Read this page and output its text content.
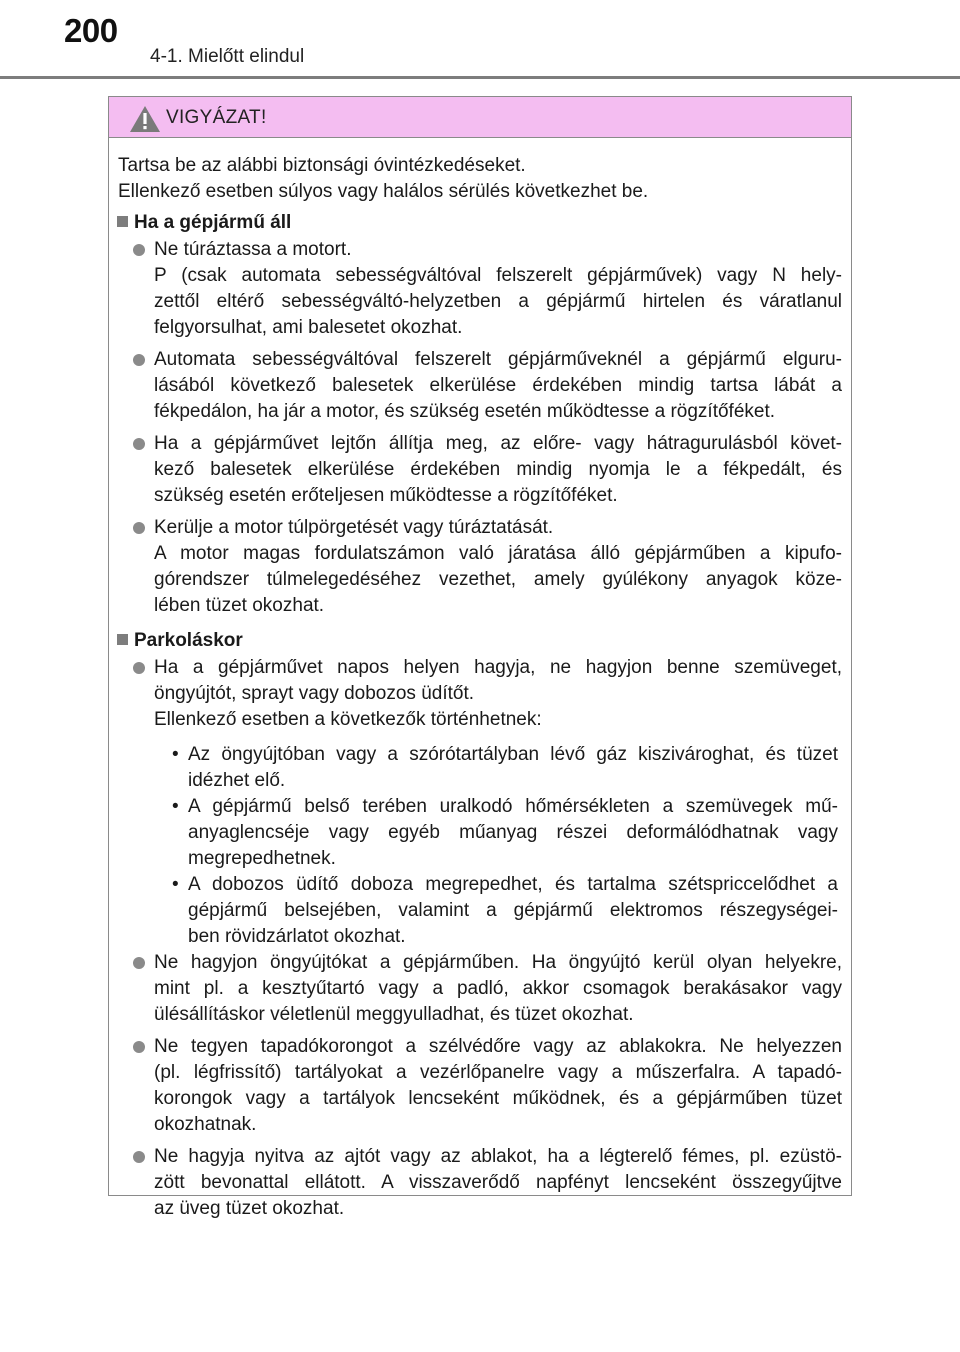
200
4-1. Mielőtt elindul
VIGYÁZAT!
Tartsa be az alábbi biztonsági óvintézkedéseket.
Ellenkező esetben súlyos vagy halálos sérülés következhet be.
Ha a gépjármű áll
Ne túráztassa a motort.
P (csak automata sebességváltóval felszerelt gépjárművek) vagy N hely-
zettől eltérő sebességváltó-helyzetben a gépjármű hirtelen és váratlanul
felgyorsulhat, ami balesetet okozhat.
Automata sebességváltóval felszerelt gépjárműveknél a gépjármű elguru-
lásából következő balesetek elkerülése érdekében mindig tartsa lábát a
fékpedálon, ha jár a motor, és szükség esetén működtesse a rögzítőféket.
Ha a gépjárművet lejtőn állítja meg, az előre- vagy hátragurulásból követ-
kező balesetek elkerülése érdekében mindig nyomja le a fékpedált, és
szükség esetén erőteljesen működtesse a rögzítőféket.
Kerülje a motor túlpörgetését vagy túráztatását.
A motor magas fordulatszámon való járatása álló gépjárműben a kipufo-
górendszer túlmelegedéséhez vezethet, amely gyúlékony anyagok köze-
lében tüzet okozhat.
Parkoláskor
Ha a gépjárművet napos helyen hagyja, ne hagyjon benne szemüveget,
öngyújtót, sprayt vagy dobozos üdítőt.
Ellenkező esetben a következők történhetnek:
• Az öngyújtóban vagy a szórótartályban lévő gáz kiszivároghat, és tüzet
idézhet elő.
• A gépjármű belső terében uralkodó hőmérsékleten a szemüvegek mű-
anyaglencséje vagy egyéb műanyag részei deformálódhatnak vagy
megrepedhetnek.
• A dobozos üdítő doboza megrepedhet, és tartalma szétspriccelődhet a
gépjármű belsejében, valamint a gépjármű elektromos részegységei-
ben rövidzárlatot okozhat.
Ne hagyjon öngyújtókat a gépjárműben. Ha öngyújtó kerül olyan helyekre,
mint pl. a kesztyűtartó vagy a padló, akkor csomagok berakásakor vagy
ülésállításkor véletlenül meggyulladhat, és tüzet okozhat.
Ne tegyen tapadókorongot a szélvédőre vagy az ablakokra. Ne helyezzen
(pl. légfrissítő) tartályokat a vezérlőpanelre vagy a műszerfalra. A tapadó-
korongok vagy a tartályok lencseként működnek, és a gépjárműben tüzet
okozhatnak.
Ne hagyja nyitva az ajtót vagy az ablakot, ha a légterelő fémes, pl. ezüstö-
zött bevonattal ellátott. A visszaverődő napfényt lencseként összegyűjtve
az üveg tüzet okozhat.
